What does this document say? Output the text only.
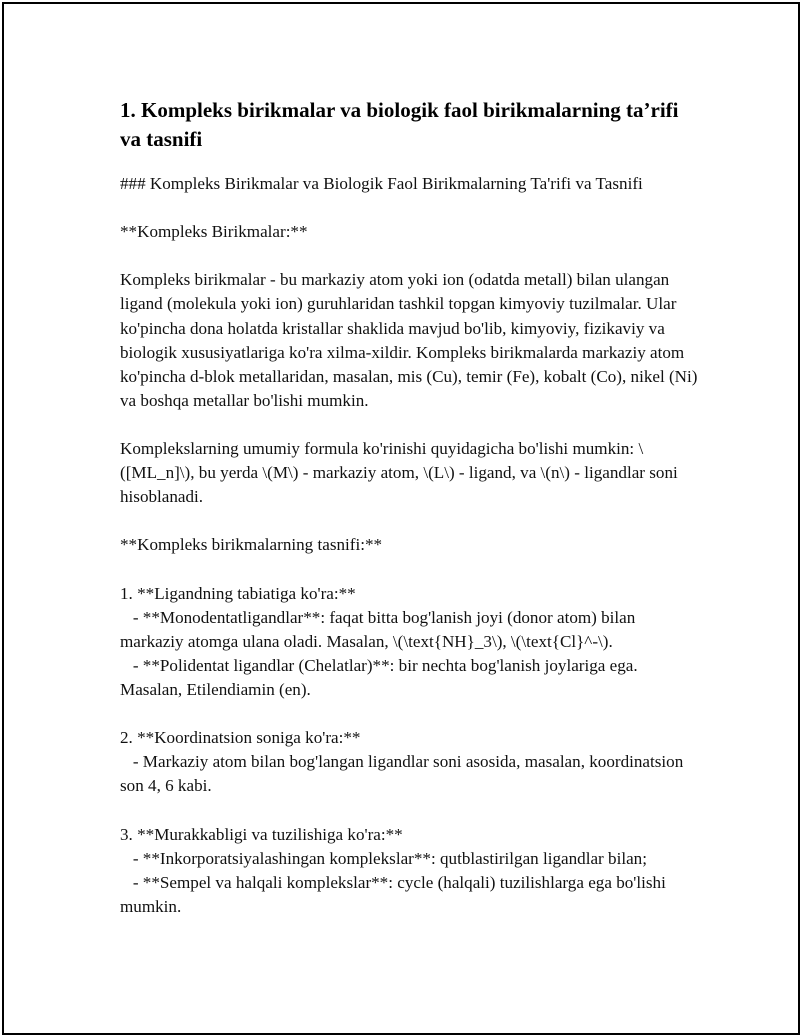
1. Kompleks birikmalar va biologik faol birikmalarning ta’rifi va tasnifi

### Kompleks Birikmalar va Biologik Faol Birikmalarning Ta'rifi va Tasnifi

**Kompleks Birikmalar:**

Kompleks birikmalar - bu markaziy atom yoki ion (odatda metall) bilan ulangan ligand (molekula yoki ion) guruhlaridan tashkil topgan kimyoviy tuzilmalar. Ular ko'pincha dona holatda kristallar shaklida mavjud bo'lib, kimyoviy, fizikaviy va biologik xususiyatlariga ko'ra xilma-xildir. Kompleks birikmalarda markaziy atom ko'pincha d-blok metallaridan, masalan, mis (Cu), temir (Fe), kobalt (Co), nikel (Ni) va boshqa metallar bo'lishi mumkin.

Komplekslarning umumiy formula ko'rinishi quyidagicha bo'lishi mumkin: \([ML_n]\), bu yerda \(M\) - markaziy atom, \(L\) - ligand, va \(n\) - ligandlar soni hisoblanadi.

**Kompleks birikmalarning tasnifi:**

1. **Ligandning tabiatiga ko'ra:**

- **Monodentatligandlar**: faqat bitta bog'lanish joyi (donor atom) bilan markaziy atomga ulana oladi. Masalan, \(\text{NH}_3\), \(\text{Cl}^-\).

- **Polidentat ligandlar (Chelatlar)**: bir nechta bog'lanish joylariga ega. Masalan, Etilendiamin (en).

2. **Koordinatsion soniga ko'ra:**

- Markaziy atom bilan bog'langan ligandlar soni asosida, masalan, koordinatsion son 4, 6 kabi.

3. **Murakkabligi va tuzilishiga ko'ra:**

- **Inkorporatsiyalashingan komplekslar**: qutblastirilgan ligandlar bilan;

- **Sempel va halqali komplekslar**: cycle (halqali) tuzilishlarga ega bo'lishi mumkin.
